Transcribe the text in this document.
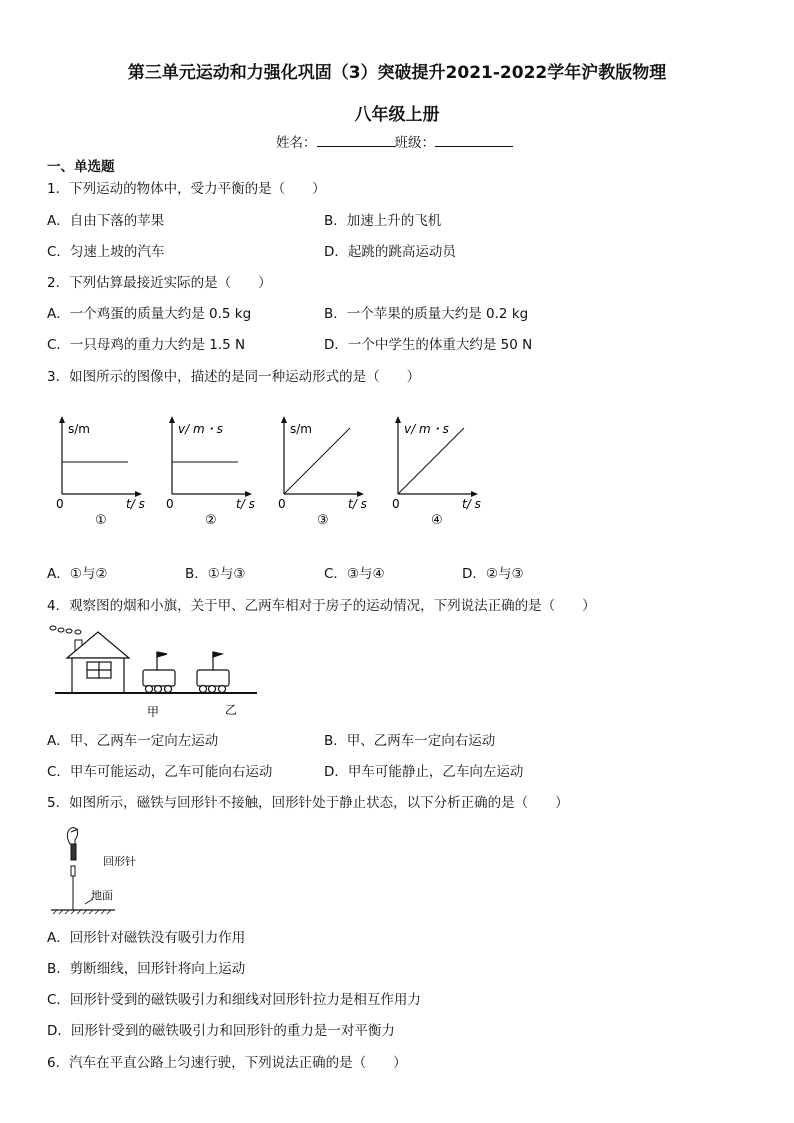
第三单元运动和力强化巩固（3）突破提升2021-2022学年沪教版物理
八年级上册
姓名：	班级：
一、单选题
1．下列运动的物体中，受力平衡的是（　　）
A．自由下落的苹果	B．加速上升的飞机
C．匀速上坡的汽车	D．起跳的跳高运动员
2．下列估算最接近实际的是（　　）
A．一个鸡蛋的质量大约是 0.5 kg	B．一个苹果的质量大约是 0.2 kg
C．一只母鸡的重力大约是 1.5 N	D．一个中学生的体重大约是 50 N
3．如图所示的图像中，描述的是同一种运动形式的是（　　）
s/m
0	t/ s
①
v/ m・s
0	t/ s
②
s/m
0	t/ s
③
v/ m・s
0	t/ s
④
A．①与②	B．①与③	C．③与④	D．②与③
4．观察图的烟和小旗，关于甲、乙两车相对于房子的运动情况，下列说法正确的是（　　）
甲	乙
A．甲、乙两车一定向左运动	B．甲、乙两车一定向右运动
C．甲车可能运动，乙车可能向右运动	D．甲车可能静止，乙车向左运动
5．如图所示，磁铁与回形针不接触，回形针处于静止状态，以下分析正确的是（　　）
回形针
地面
A．回形针对磁铁没有吸引力作用
B．剪断细线，回形针将向上运动
C．回形针受到的磁铁吸引力和细线对回形针拉力是相互作用力
D．回形针受到的磁铁吸引力和回形针的重力是一对平衡力
6．汽车在平直公路上匀速行驶，下列说法正确的是（　　）
